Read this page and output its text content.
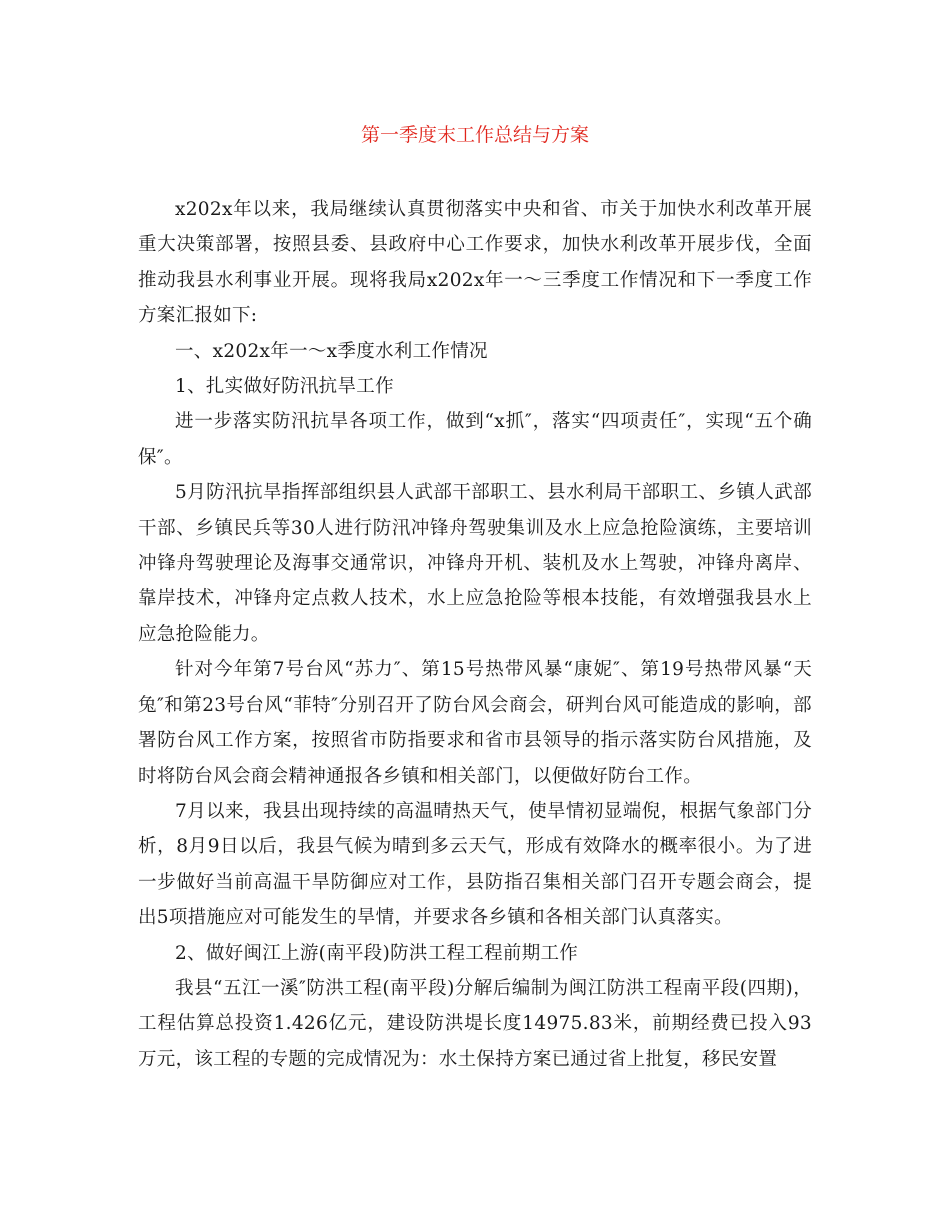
第一季度末工作总结与方案

x202x年以来，我局继续认真贯彻落实中央和省、市关于加快水利改革开展重大决策部署，按照县委、县政府中心工作要求，加快水利改革开展步伐，全面推动我县水利事业开展。现将我局x202x年一～三季度工作情况和下一季度工作方案汇报如下:

一、x202x年一～x季度水利工作情况

1、扎实做好防汛抗旱工作

进一步落实防汛抗旱各项工作，做到“x抓″，落实“四项责任″，实现“五个确保″。

5月防汛抗旱指挥部组织县人武部干部职工、县水利局干部职工、乡镇人武部干部、乡镇民兵等30人进行防汛冲锋舟驾驶集训及水上应急抢险演练，主要培训冲锋舟驾驶理论及海事交通常识，冲锋舟开机、装机及水上驾驶，冲锋舟离岸、靠岸技术，冲锋舟定点救人技术，水上应急抢险等根本技能，有效增强我县水上应急抢险能力。

针对今年第7号台风“苏力″、第15号热带风暴“康妮″、第19号热带风暴“天兔″和第23号台风“菲特″分别召开了防台风会商会，研判台风可能造成的影响，部署防台风工作方案，按照省市防指要求和省市县领导的指示落实防台风措施，及时将防台风会商会精神通报各乡镇和相关部门，以便做好防台工作。

7月以来，我县出现持续的高温晴热天气，使旱情初显端倪，根据气象部门分析，8月9日以后，我县气候为晴到多云天气，形成有效降水的概率很小。为了进一步做好当前高温干旱防御应对工作，县防指召集相关部门召开专题会商会，提出5项措施应对可能发生的旱情，并要求各乡镇和各相关部门认真落实。

2、做好闽江上游(南平段)防洪工程工程前期工作

我县“五江一溪″防洪工程(南平段)分解后编制为闽江防洪工程南平段(四期)，工程估算总投资1.426亿元，建设防洪堤长度14975.83米，前期经费已投入93万元，该工程的专题的完成情况为：水土保持方案已通过省上批复，移民安置
